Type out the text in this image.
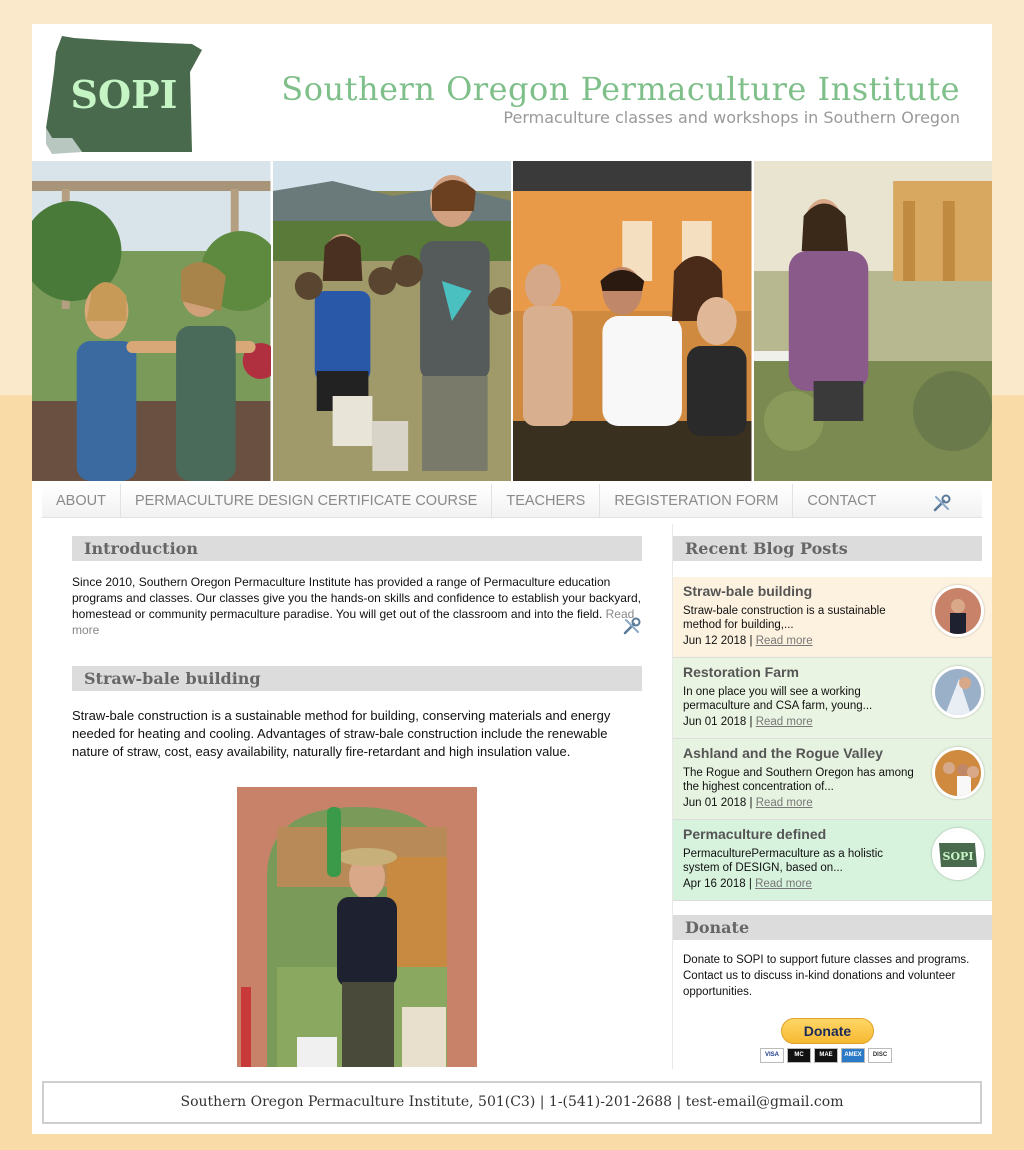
SOPI	Southern Oregon Permaculture Institute
Permaculture classes and workshops in Southern Oregon
ABOUT	PERMACULTURE DESIGN CERTIFICATE COURSE	TEACHERS	REGISTERATION FORM	CONTACT
Introduction
Since 2010, Southern Oregon Permaculture Institute has provided a range of Permaculture education programs and classes. Our classes give you the hands-on skills and confidence to establish your backyard, homestead or community permaculture paradise. You will get out of the classroom and into the field. Read more
Straw-bale building
Straw-bale construction is a sustainable method for building, conserving materials and energy needed for heating and cooling. Advantages of straw-bale construction include the renewable nature of straw, cost, easy availability, naturally fire-retardant and high insulation value.
Recent Blog Posts
Straw-bale building
Straw-bale construction is a sustainable method for building,...
Jun 12 2018 | Read more
Restoration Farm
In one place you will see a working permaculture and CSA farm, young...
Jun 01 2018 | Read more
Ashland and the Rogue Valley
The Rogue and Southern Oregon has among the highest concentration of...
Jun 01 2018 | Read more
Permaculture defined
PermaculturePermaculture as a holistic system of DESIGN, based on...
Apr 16 2018 | Read more
SOPI
Donate
Donate to SOPI to support future classes and programs. Contact us to discuss in-kind donations and volunteer opportunities.
Donate
VISA	MC	MAE	AMEX	DISC
Southern Oregon Permaculture Institute, 501(C3) | 1-(541)-201-2688 | test-email@gmail.com
